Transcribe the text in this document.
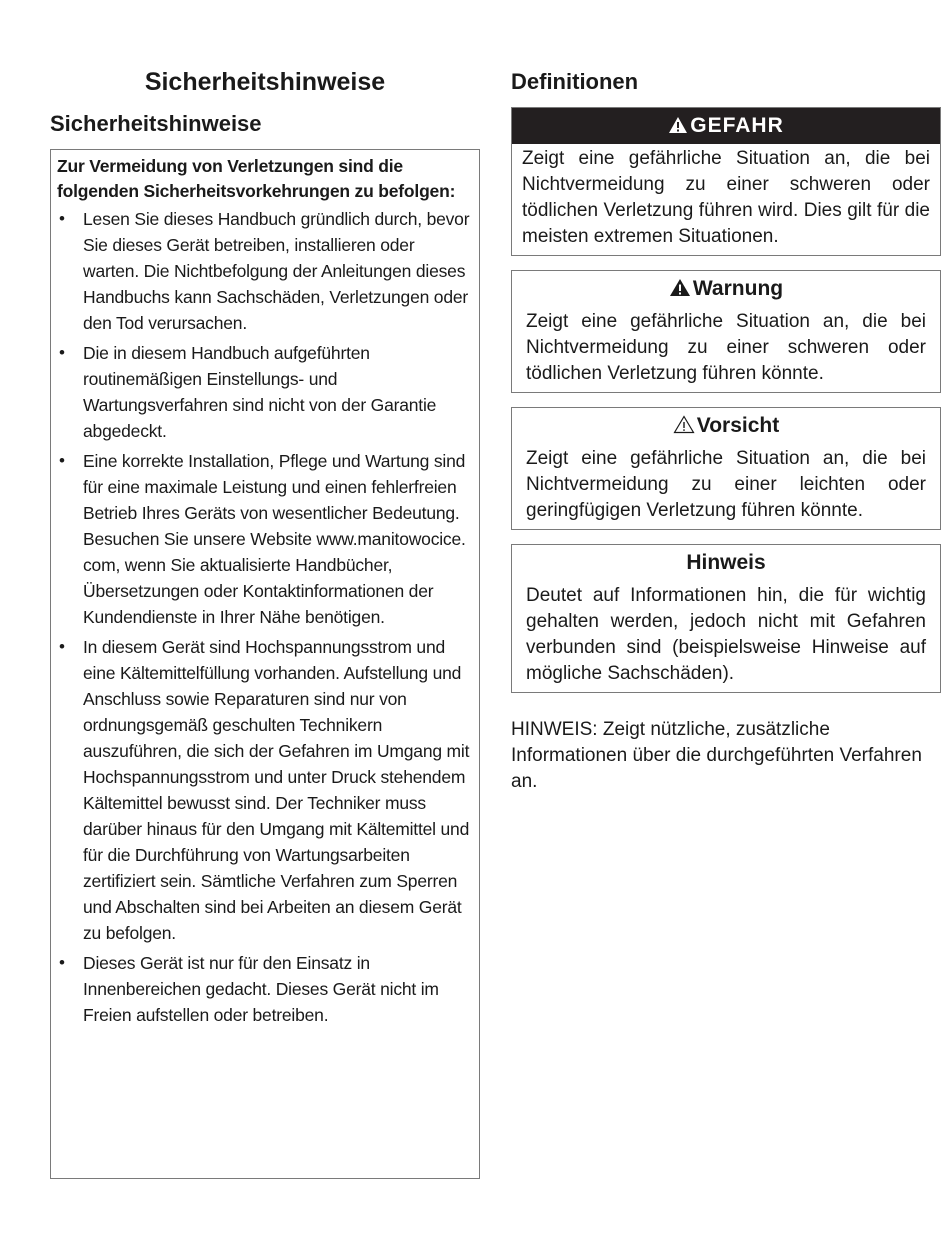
Sicherheitshinweise
Sicherheitshinweise

Zur Vermeidung von Verletzungen sind die folgenden Sicherheitsvorkehrungen zu befolgen:

• Lesen Sie dieses Handbuch gründlich durch, bevor Sie dieses Gerät betreiben, installieren oder warten. Die Nichtbefolgung der Anleitungen dieses Handbuchs kann Sachschäden, Verletzungen oder den Tod verursachen.
• Die in diesem Handbuch aufgeführten routinemäßigen Einstellungs- und Wartungsverfahren sind nicht von der Garantie abgedeckt.
• Eine korrekte Installation, Pflege und Wartung sind für eine maximale Leistung und einen fehlerfreien Betrieb Ihres Geräts von wesentlicher Bedeutung. Besuchen Sie unsere Website www.manitowocice. com, wenn Sie aktualisierte Handbücher, Übersetzungen oder Kontaktinformationen der Kundendienste in Ihrer Nähe benötigen.
• In diesem Gerät sind Hochspannungsstrom und eine Kältemittelfüllung vorhanden. Aufstellung und Anschluss sowie Reparaturen sind nur von ordnungsgemäß geschulten Technikern auszuführen, die sich der Gefahren im Umgang mit Hochspannungsstrom und unter Druck stehendem Kältemittel bewusst sind. Der Techniker muss darüber hinaus für den Umgang mit Kältemittel und für die Durchführung von Wartungsarbeiten zertifiziert sein. Sämtliche Verfahren zum Sperren und Abschalten sind bei Arbeiten an diesem Gerät zu befolgen.
• Dieses Gerät ist nur für den Einsatz in Innenbereichen gedacht. Dieses Gerät nicht im Freien aufstellen oder betreiben.
Definitionen
GEFAHR
Zeigt eine gefährliche Situation an, die bei Nichtvermeidung zu einer schweren oder tödlichen Verletzung führen wird. Dies gilt für die meisten extremen Situationen.
Warnung
Zeigt eine gefährliche Situation an, die bei Nichtvermeidung zu einer schweren oder tödlichen Verletzung führen könnte.
Vorsicht
Zeigt eine gefährliche Situation an, die bei Nichtvermeidung zu einer leichten oder geringfügigen Verletzung führen könnte.
Hinweis
Deutet auf Informationen hin, die für wichtig gehalten werden, jedoch nicht mit Gefahren verbunden sind (beispielsweise Hinweise auf mögliche Sachschäden).
HINWEIS: Zeigt nützliche, zusätzliche Informationen über die durchgeführten Verfahren an.
